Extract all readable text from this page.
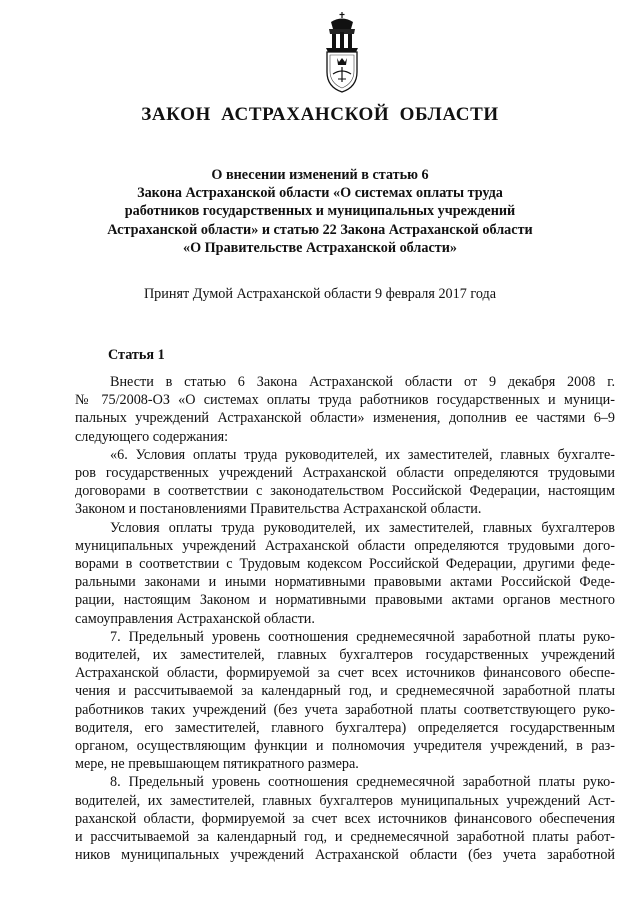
ЗАКОН АСТРАХАНСКОЙ ОБЛАСТИ
О внесении изменений в статью 6
Закона Астраханской области «О системах оплаты труда
работников государственных и муниципальных учреждений
Астраханской области» и статью 22 Закона Астраханской области
«О Правительстве Астраханской области»
Принят Думой Астраханской области 9 февраля 2017 года
Статья 1
Внести в статью 6 Закона Астраханской области от 9 декабря 2008 г.
№ 75/2008-ОЗ «О системах оплаты труда работников государственных и муници-
пальных учреждений Астраханской области» изменения, дополнив ее частями 6–9
следующего содержания:
«6. Условия оплаты труда руководителей, их заместителей, главных бухгалте-
ров государственных учреждений Астраханской области определяются трудовыми
договорами в соответствии с законодательством Российской Федерации, настоящим
Законом и постановлениями Правительства Астраханской области.
Условия оплаты труда руководителей, их заместителей, главных бухгалтеров
муниципальных учреждений Астраханской области определяются трудовыми дого-
ворами в соответствии с Трудовым кодексом Российской Федерации, другими феде-
ральными законами и иными нормативными правовыми актами Российской Феде-
рации, настоящим Законом и нормативными правовыми актами органов местного
самоуправления Астраханской области.
7. Предельный уровень соотношения среднемесячной заработной платы руко-
водителей, их заместителей, главных бухгалтеров государственных учреждений
Астраханской области, формируемой за счет всех источников финансового обеспе-
чения и рассчитываемой за календарный год, и среднемесячной заработной платы
работников таких учреждений (без учета заработной платы соответствующего руко-
водителя, его заместителей, главного бухгалтера) определяется государственным
органом, осуществляющим функции и полномочия учредителя учреждений, в раз-
мере, не превышающем пятикратного размера.
8. Предельный уровень соотношения среднемесячной заработной платы руко-
водителей, их заместителей, главных бухгалтеров муниципальных учреждений Аст-
раханской области, формируемой за счет всех источников финансового обеспечения
и рассчитываемой за календарный год, и среднемесячной заработной платы работ-
ников муниципальных учреждений Астраханской области (без учета заработной
